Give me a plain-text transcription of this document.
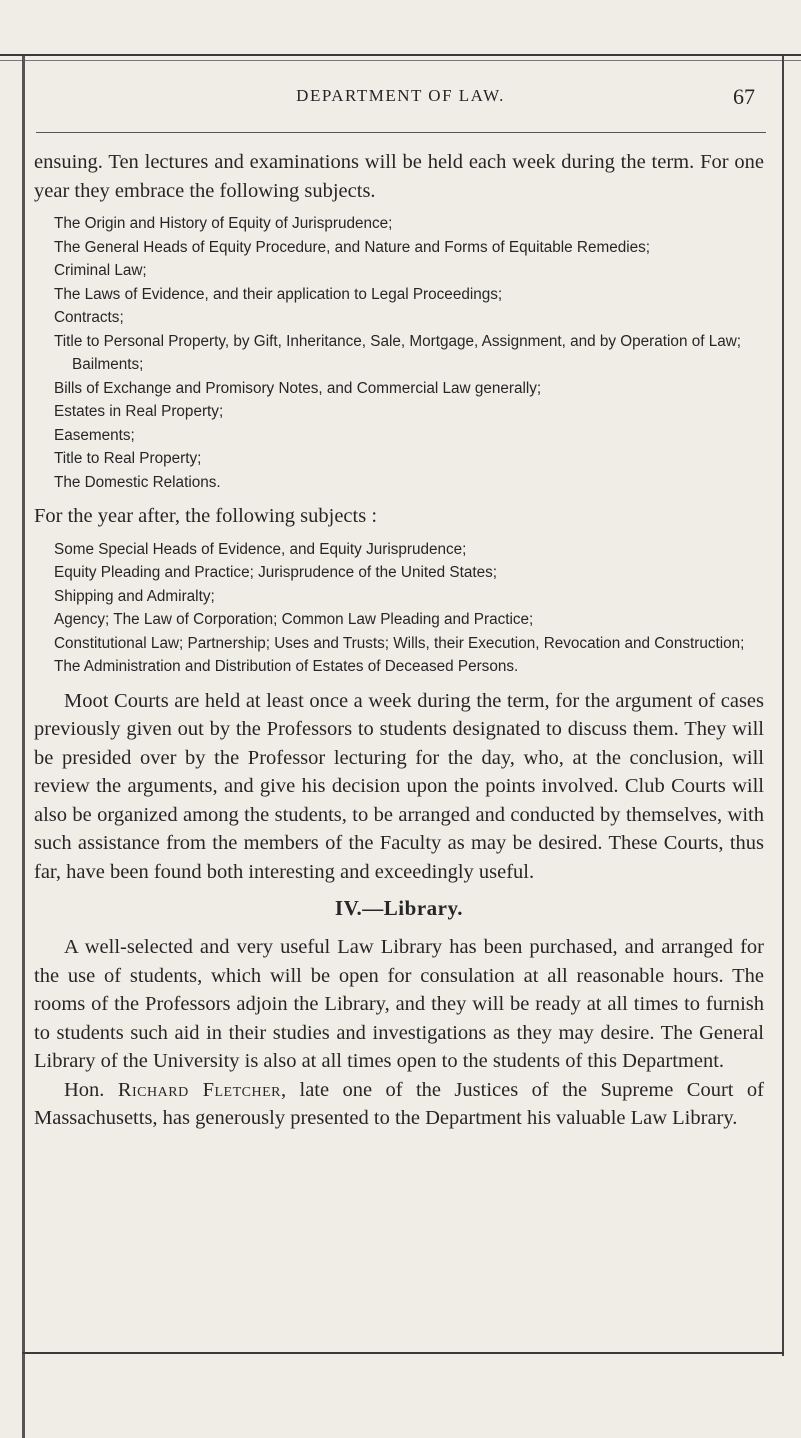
DEPARTMENT OF LAW.	67

ensuing. Ten lectures and examinations will be held each week during the term. For one year they embrace the following subjects.

The Origin and History of Equity of Jurisprudence;

The General Heads of Equity Procedure, and Nature and Forms of Equitable Remedies;

Criminal Law;

The Laws of Evidence, and their application to Legal Proceedings;

Contracts;

Title to Personal Property, by Gift, Inheritance, Sale, Mortgage, Assignment, and by Operation of Law; Bailments;

Bills of Exchange and Promisory Notes, and Commercial Law generally;

Estates in Real Property;

Easements;

Title to Real Property;

The Domestic Relations.

For the year after, the following subjects :

Some Special Heads of Evidence, and Equity Jurisprudence;

Equity Pleading and Practice; Jurisprudence of the United States;

Shipping and Admiralty;

Agency; The Law of Corporation; Common Law Pleading and Practice;

Constitutional Law; Partnership; Uses and Trusts; Wills, their Execution, Revocation and Construction;

The Administration and Distribution of Estates of Deceased Persons.

Moot Courts are held at least once a week during the term, for the argument of cases previously given out by the Professors to students designated to discuss them. They will be presided over by the Professor lecturing for the day, who, at the conclusion, will review the arguments, and give his decision upon the points involved. Club Courts will also be organized among the students, to be arranged and conducted by themselves, with such assistance from the members of the Faculty as may be desired. These Courts, thus far, have been found both interesting and exceedingly useful.

IV.—Library.

A well-selected and very useful Law Library has been purchased, and arranged for the use of students, which will be open for consulation at all reasonable hours. The rooms of the Professors adjoin the Library, and they will be ready at all times to furnish to students such aid in their studies and investigations as they may desire. The General Library of the University is also at all times open to the students of this Department.

Hon. Richard Fletcher, late one of the Justices of the Supreme Court of Massachusetts, has generously presented to the Department his valuable Law Library.
